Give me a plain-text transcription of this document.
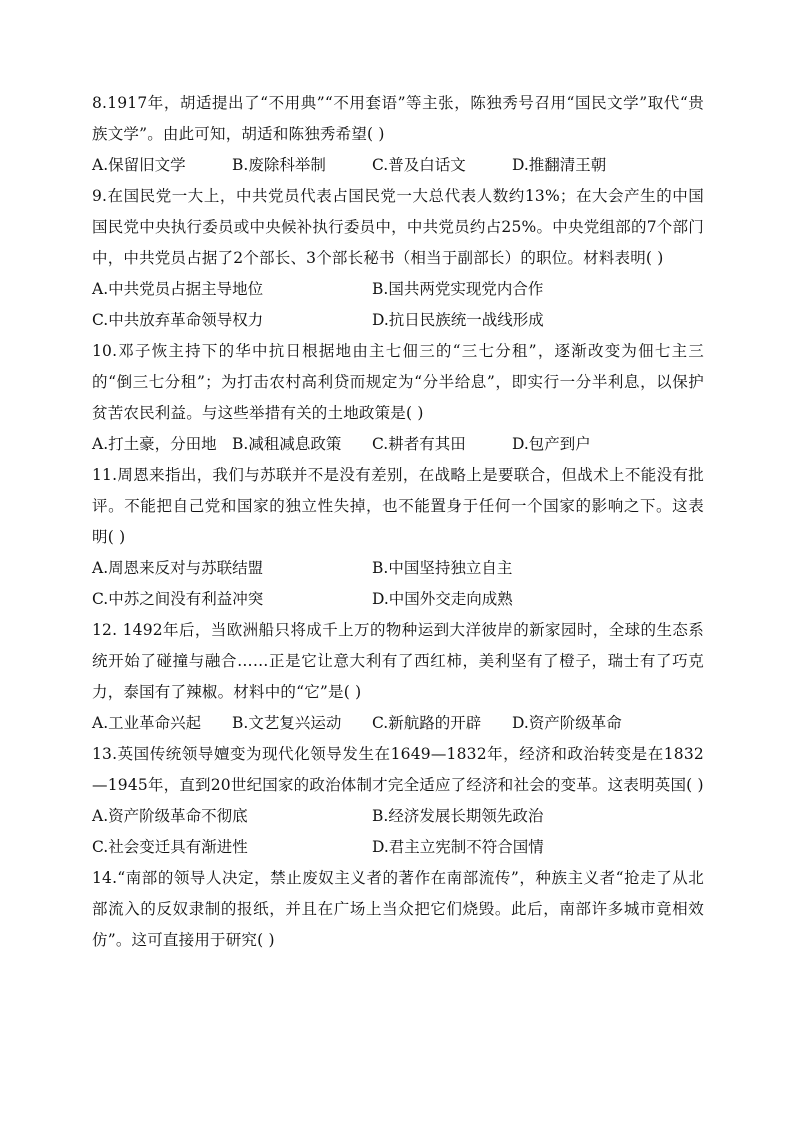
8.1917年，胡适提出了“不用典”“不用套语”等主张，陈独秀号召用“国民文学”取代“贵族文学”。由此可知，胡适和陈独秀希望( )

A.保留旧文学	B.废除科举制	C.普及白话文	D.推翻清王朝

9.在国民党一大上，中共党员代表占国民党一大总代表人数约13%；在大会产生的中国国民党中央执行委员或中央候补执行委员中，中共党员约占25%。中央党组部的7个部门中，中共党员占据了2个部长、3个部长秘书（相当于副部长）的职位。材料表明( )

A.中共党员占据主导地位	B.国共两党实现党内合作
C.中共放弃革命领导权力	D.抗日民族统一战线形成

10.邓子恢主持下的华中抗日根据地由主七佃三的“三七分租”，逐渐改变为佃七主三的“倒三七分租”；为打击农村高利贷而规定为“分半给息”，即实行一分半利息，以保护贫苦农民利益。与这些举措有关的土地政策是( )

A.打土豪，分田地 B.减租减息政策 C.耕者有其田	D.包产到户

11.周恩来指出，我们与苏联并不是没有差别，在战略上是要联合，但战术上不能没有批评。不能把自己党和国家的独立性失掉，也不能置身于任何一个国家的影响之下。这表明( )

A.周恩来反对与苏联结盟	B.中国坚持独立自主
C.中苏之间没有利益冲突	D.中国外交走向成熟

12. 1492年后，当欧洲船只将成千上万的物种运到大洋彼岸的新家园时，全球的生态系统开始了碰撞与融合……正是它让意大利有了西红柿，美利坚有了橙子，瑞士有了巧克力，泰国有了辣椒。材料中的“它”是( )

A.工业革命兴起 B.文艺复兴运动 C.新航路的开辟 D.资产阶级革命

13.英国传统领导嬗变为现代化领导发生在1649—1832年，经济和政治转变是在1832—1945年，直到20世纪国家的政治体制才完全适应了经济和社会的变革。这表明英国( )

A.资产阶级革命不彻底	B.经济发展长期领先政治
C.社会变迁具有渐进性	D.君主立宪制不符合国情

14.“南部的领导人决定，禁止废奴主义者的著作在南部流传”，种族主义者“抢走了从北部流入的反奴隶制的报纸，并且在广场上当众把它们烧毁。此后，南部许多城市竟相效仿”。这可直接用于研究( )
